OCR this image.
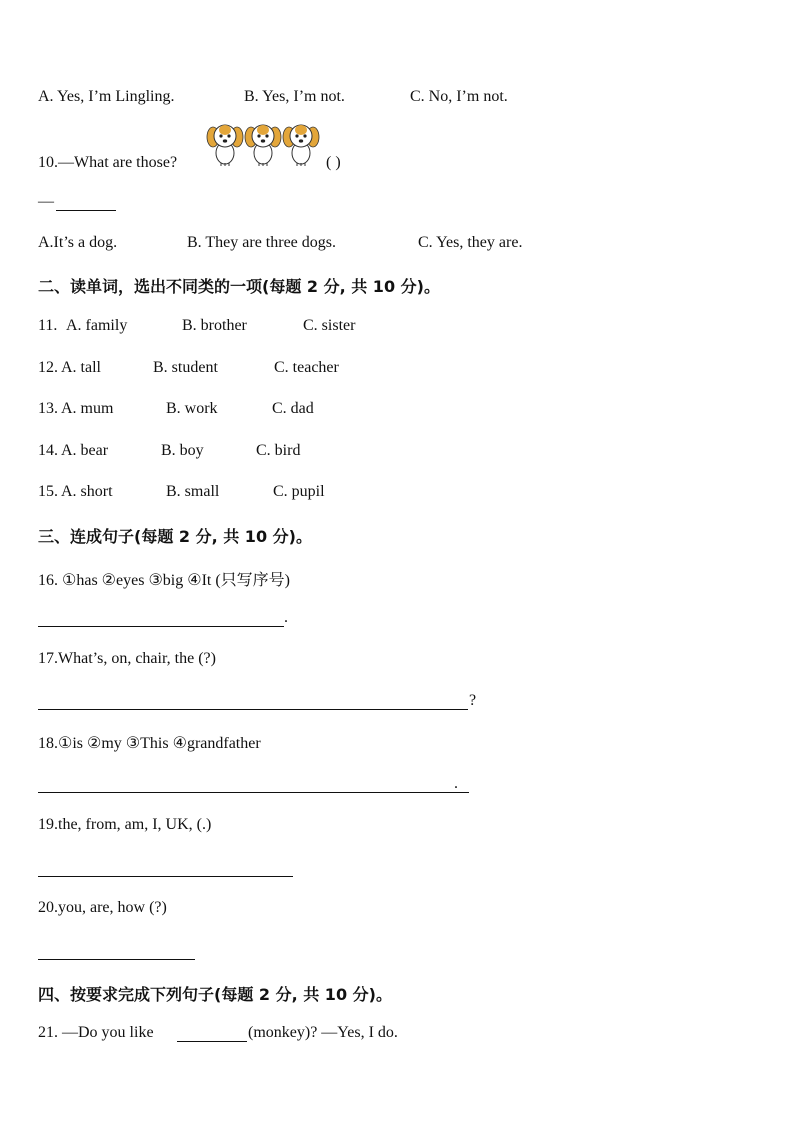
A. Yes, I’m Lingling.	B. Yes, I’m not.	C. No, I’m not.
10.—What are those?	( )
—
A.It’s a dog.	B. They are three dogs.	C. Yes, they are.
二、读单词，选出不同类的一项(每题 2 分, 共 10 分)。
11. A. family	B. brother	C. sister
12. A. tall	B. student	C. teacher
13. A. mum	B. work	C. dad
14. A. bear	B. boy	C. bird
15. A. short	B. small	C. pupil
三、连成句子(每题 2 分, 共 10 分)。
16. ①has ②eyes ③big ④It (只写序号)
.
17.What’s, on, chair, the (?)
?
18.①is ②my ③This ④grandfather
.
19.the, from, am, I, UK, (.)
20.you, are, how (?)
四、按要求完成下列句子(每题 2 分, 共 10 分)。
21. —Do you like	(monkey)? —Yes, I do.
